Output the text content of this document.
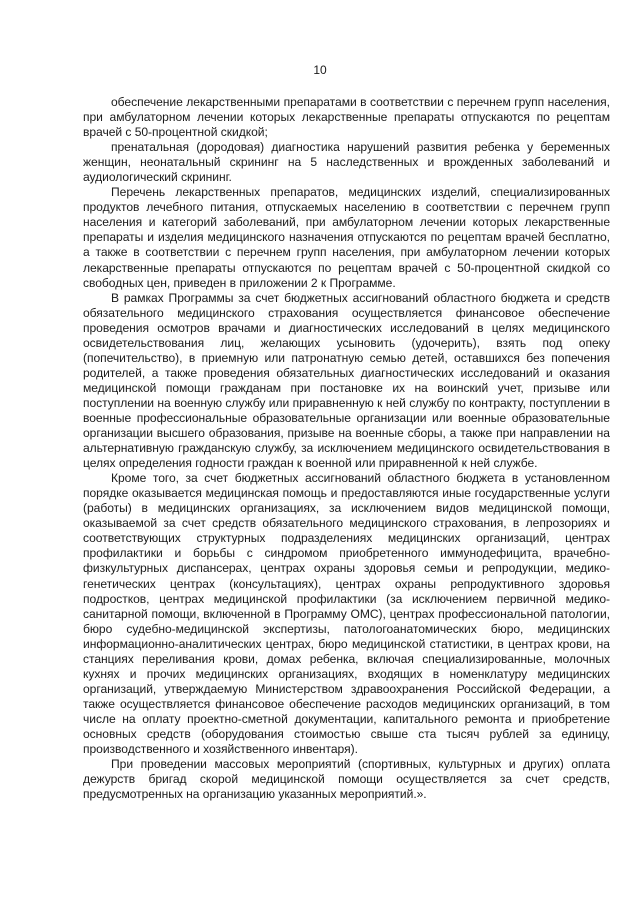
10

обеспечение лекарственными препаратами в соответствии с перечнем групп населения, при амбулаторном лечении которых лекарственные препараты отпускаются по рецептам врачей с 50-процентной скидкой;

пренатальная (дородовая) диагностика нарушений развития ребенка у беременных женщин, неонатальный скрининг на 5 наследственных и врожденных заболеваний и аудиологический скрининг.

Перечень лекарственных препаратов, медицинских изделий, специализированных продуктов лечебного питания, отпускаемых населению в соответствии с перечнем групп населения и категорий заболеваний, при амбулаторном лечении которых лекарственные препараты и изделия медицинского назначения отпускаются по рецептам врачей бесплатно, а также в соответствии с перечнем групп населения, при амбулаторном лечении которых лекарственные препараты отпускаются по рецептам врачей с 50-процентной скидкой со свободных цен, приведен в приложении 2 к Программе.

В рамках Программы за счет бюджетных ассигнований областного бюджета и средств обязательного медицинского страхования осуществляется финансовое обеспечение проведения осмотров врачами и диагностических исследований в целях медицинского освидетельствования лиц, желающих усыновить (удочерить), взять под опеку (попечительство), в приемную или патронатную семью детей, оставшихся без попечения родителей, а также проведения обязательных диагностических исследований и оказания медицинской помощи гражданам при постановке их на воинский учет, призыве или поступлении на военную службу или приравненную к ней службу по контракту, поступлении в военные профессиональные образовательные организации или военные образовательные организации высшего образования, призыве на военные сборы, а также при направлении на альтернативную гражданскую службу, за исключением медицинского освидетельствования в целях определения годности граждан к военной или приравненной к ней службе.

Кроме того, за счет бюджетных ассигнований областного бюджета в установленном порядке оказывается медицинская помощь и предоставляются иные государственные услуги (работы) в медицинских организациях, за исключением видов медицинской помощи, оказываемой за счет средств обязательного медицинского страхования, в лепрозориях и соответствующих структурных подразделениях медицинских организаций, центрах профилактики и борьбы с синдромом приобретенного иммунодефицита, врачебно-физкультурных диспансерах, центрах охраны здоровья семьи и репродукции, медико-генетических центрах (консультациях), центрах охраны репродуктивного здоровья подростков, центрах медицинской профилактики (за исключением первичной медико-санитарной помощи, включенной в Программу ОМС), центрах профессиональной патологии, бюро судебно-медицинской экспертизы, патологоанатомических бюро, медицинских информационно-аналитических центрах, бюро медицинской статистики, в центрах крови, на станциях переливания крови, домах ребенка, включая специализированные, молочных кухнях и прочих медицинских организациях, входящих в номенклатуру медицинских организаций, утверждаемую Министерством здравоохранения Российской Федерации, а также осуществляется финансовое обеспечение расходов медицинских организаций, в том числе на оплату проектно-сметной документации, капитального ремонта и приобретение основных средств (оборудования стоимостью свыше ста тысяч рублей за единицу, производственного и хозяйственного инвентаря).

При проведении массовых мероприятий (спортивных, культурных и других) оплата дежурств бригад скорой медицинской помощи осуществляется за счет средств, предусмотренных на организацию указанных мероприятий.».
